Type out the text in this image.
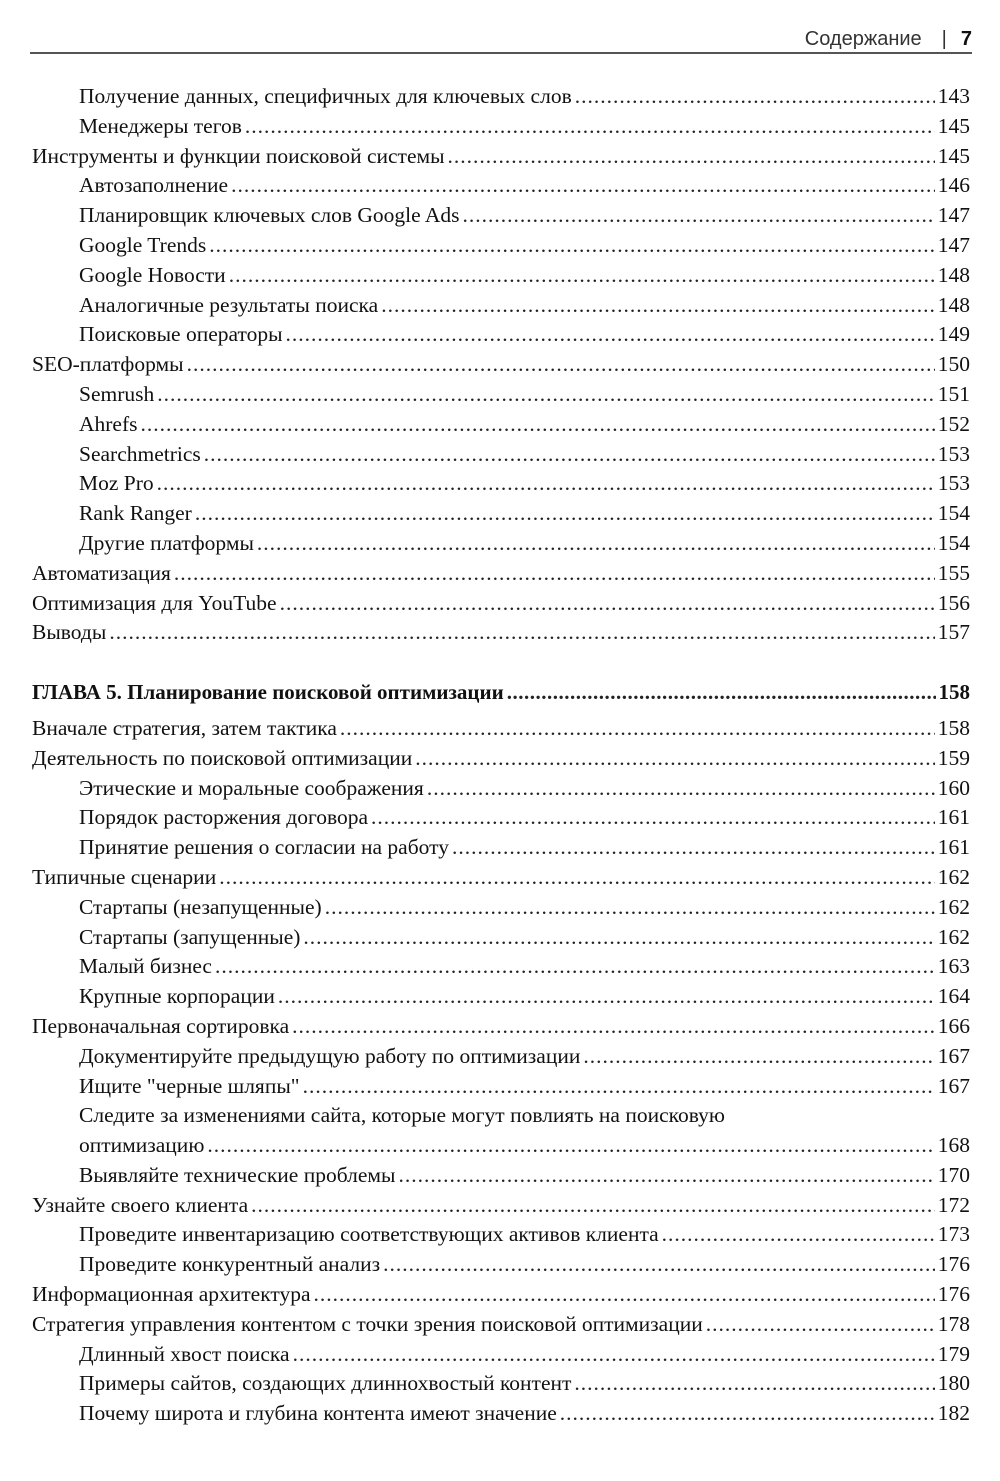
Содержание | 7
Получение данных, специфичных для ключевых слов .....	143
Менеджеры тегов .....	145
Инструменты и функции поисковой системы .....	145
Автозаполнение .....	146
Планировщик ключевых слов Google Ads .....	147
Google Trends .....	147
Google Новости .....	148
Аналогичные результаты поиска .....	148
Поисковые операторы .....	149
SEO-платформы .....	150
Semrush .....	151
Ahrefs .....	152
Searchmetrics .....	153
Moz Pro .....	153
Rank Ranger .....	154
Другие платформы .....	154
Автоматизация .....	155
Оптимизация для YouTube .....	156
Выводы .....	157
ГЛАВА 5. Планирование поисковой оптимизации .....	158
Вначале стратегия, затем тактика .....	158
Деятельность по поисковой оптимизации .....	159
Этические и моральные соображения .....	160
Порядок расторжения договора .....	161
Принятие решения о согласии на работу .....	161
Типичные сценарии .....	162
Стартапы (незапущенные) .....	162
Стартапы (запущенные) .....	162
Малый бизнес .....	163
Крупные корпорации .....	164
Первоначальная сортировка .....	166
Документируйте предыдущую работу по оптимизации .....	167
Ищите "черные шляпы" .....	167
Следите за изменениями сайта, которые могут повлиять на поисковую
оптимизацию .....	168
Выявляйте технические проблемы .....	170
Узнайте своего клиента .....	172
Проведите инвентаризацию соответствующих активов клиента .....	173
Проведите конкурентный анализ .....	176
Информационная архитектура .....	176
Стратегия управления контентом с точки зрения поисковой оптимизации .....	178
Длинный хвост поиска .....	179
Примеры сайтов, создающих длиннохвостый контент .....	180
Почему широта и глубина контента имеют значение .....	182
